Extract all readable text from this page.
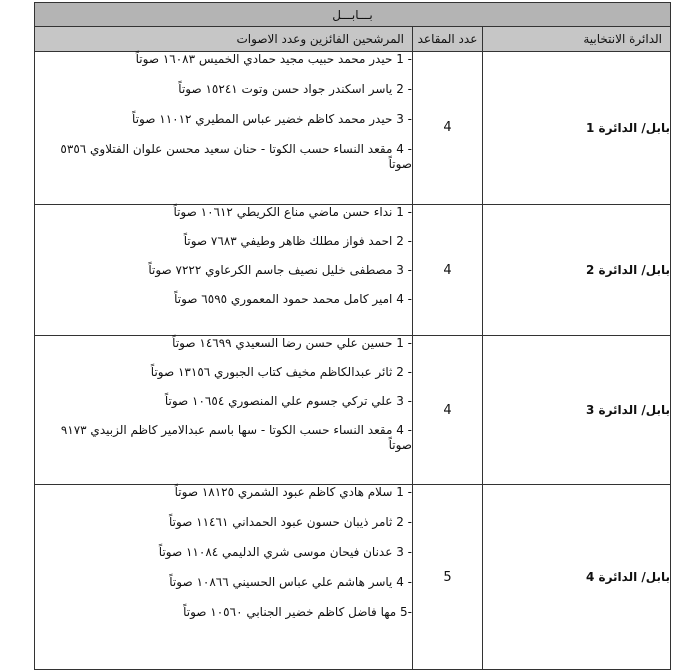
بـــابـــل		
الدائرة الانتخابية	عدد المقاعد	المرشحين الفائزين وعدد الاصوات
بابل/ الدائرة 1	4	1 - حيدر محمد حبيب مجيد حمادي الخميس ١٦٠٨٣ صوتاً

2 - ياسر اسكندر جواد حسن وتوت ١٥٢٤١ صوتاً

3 - حيدر محمد كاظم خضير عباس المطيري ١١٠١٢ صوتاً

4 - مقعد النساء حسب الكوتا - حنان سعيد محسن علوان الفتلاوي ٥٣٥٦ صوتاً

بابل/ الدائرة 2	4	1 - نداء حسن ماضي مناع الكريطي ١٠٦١٢ صوتاً

2 - احمد فواز مطلك ظاهر وطيفي ٧٦٨٣ صوتاً

3 - مصطفى خليل نصيف جاسم الكرعاوي ٧٢٢٢ صوتاً

4 - امير كامل محمد حمود المعموري ٦٥٩٥ صوتاً

بابل/ الدائرة 3	4	1 - حسين علي حسن رضا السعيدي ١٤٦٩٩ صوتاً

2 - ثائر عبدالكاظم مخيف كتاب الجبوري ١٣١٥٦ صوتاً

3 - علي تركي جسوم علي المنصوري ١٠٦٥٤ صوتاً

4 - مقعد النساء حسب الكوتا - سها باسم عبدالامير كاظم الزبيدي ٩١٧٣ صوتاً

بابل/ الدائرة 4	5	1 - سلام هادي كاظم عبود الشمري ١٨١٢٥ صوتاً

2 - ثامر ذيبان حسون عبود الحمداني ١١٤٦١ صوتاً

3 - عدنان فيحان موسى شري الدليمي ١١٠٨٤ صوتاً

4 - ياسر هاشم علي عباس الحسيني ١٠٨٦٦ صوتاً

5- مها فاضل كاظم خضير الجنابي ١٠٥٦٠ صوتاً
